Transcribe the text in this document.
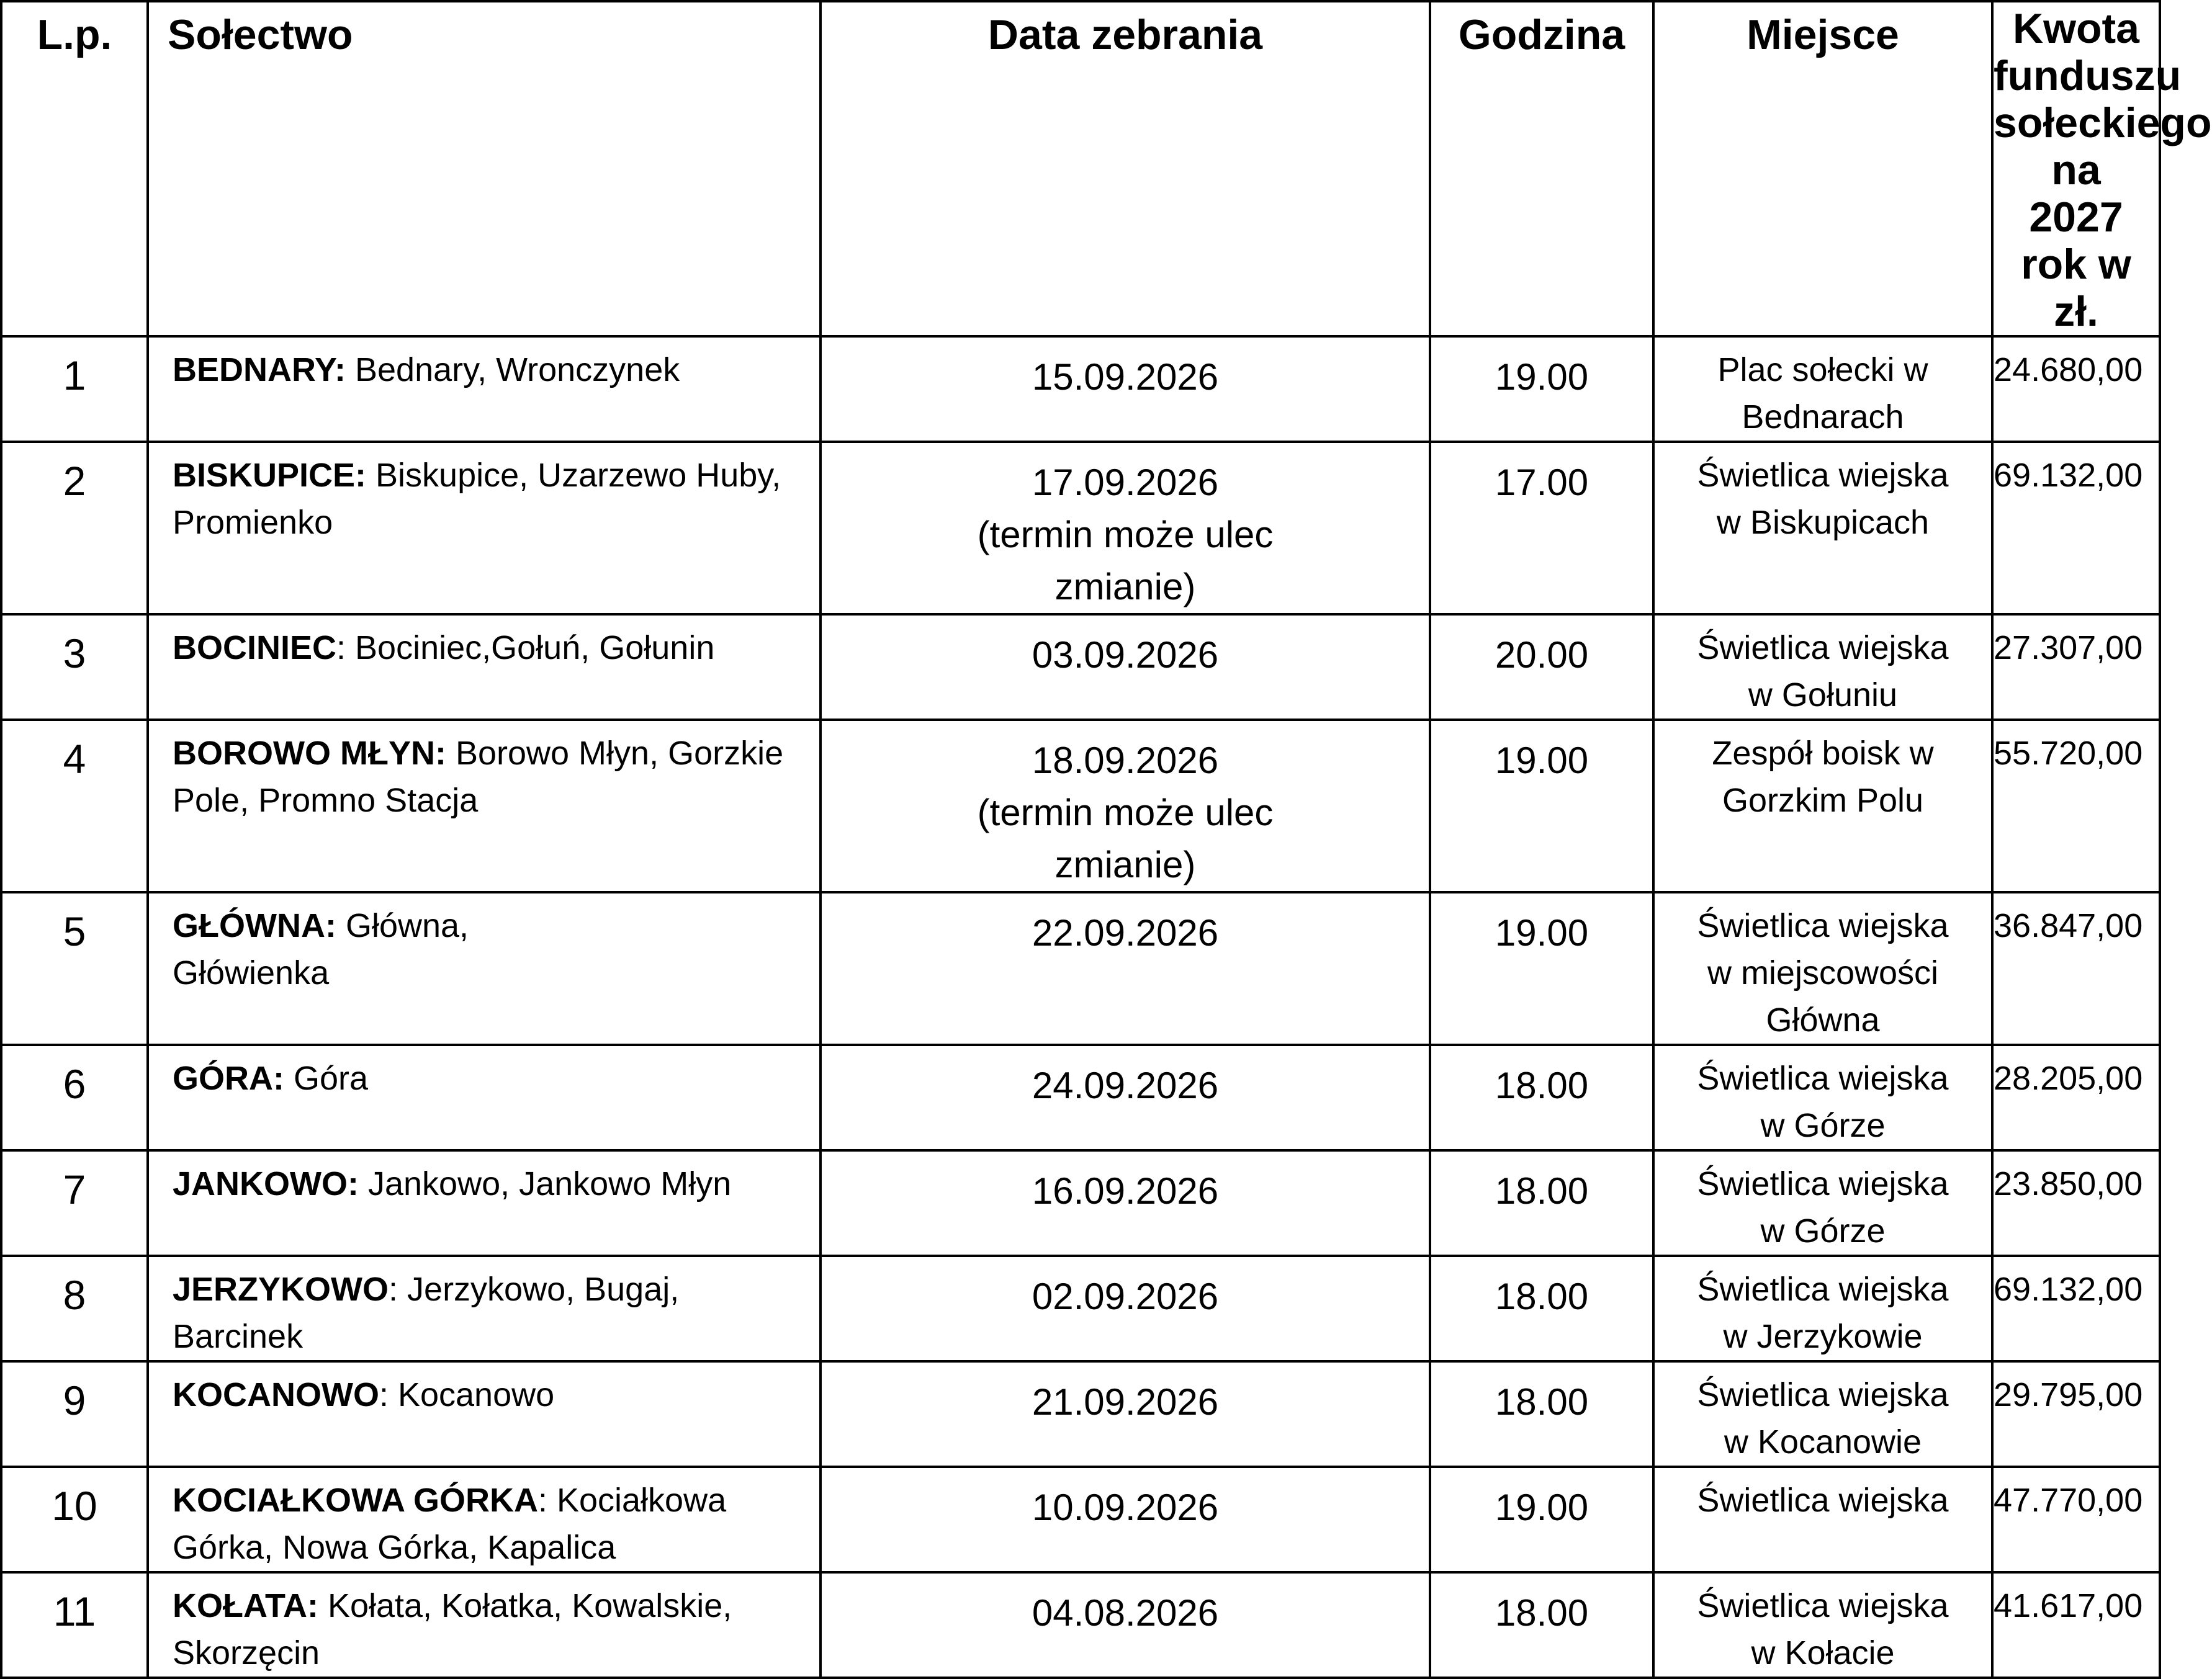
L.p.	Sołectwo	Data zebrania	Godzina	Miejsce	Kwota funduszu
sołeckiego na
2027 rok w zł.

1	BEDNARY: Bednary, Wronczynek	15.09.2026	19.00	Plac sołecki w
Bednarach	24.680,00
2	BISKUPICE: Biskupice, Uzarzewo Huby, Promienko	17.09.2026
(termin może ulec
zmianie)	17.00	Świetlica wiejska
w Biskupicach	69.132,00
3	BOCINIEC: Bociniec,Gołuń, Gołunin	03.09.2026	20.00	Świetlica wiejska
w Gołuniu	27.307,00
4	BOROWO MŁYN: Borowo Młyn, Gorzkie Pole, Promno Stacja	18.09.2026
(termin może ulec
zmianie)	19.00	Zespół boisk w
Gorzkim Polu	55.720,00
5	GŁÓWNA: Główna,
Główienka	22.09.2026	19.00	Świetlica wiejska
w miejscowości
Główna	36.847,00
6	GÓRA: Góra	24.09.2026	18.00	Świetlica wiejska
w Górze	28.205,00
7	JANKOWO: Jankowo, Jankowo Młyn	16.09.2026	18.00	Świetlica wiejska
w Górze	23.850,00
8	JERZYKOWO: Jerzykowo, Bugaj, Barcinek	02.09.2026	18.00	Świetlica wiejska
w Jerzykowie	69.132,00
9	KOCANOWO: Kocanowo	21.09.2026	18.00	Świetlica wiejska
w Kocanowie	29.795,00
10	KOCIAŁKOWA GÓRKA: Kociałkowa Górka, Nowa Górka, Kapalica	10.09.2026	19.00	Świetlica wiejska	47.770,00
11	KOŁATA: Kołata, Kołatka, Kowalskie, Skorzęcin	04.08.2026	18.00	Świetlica wiejska
w Kołacie	41.617,00
